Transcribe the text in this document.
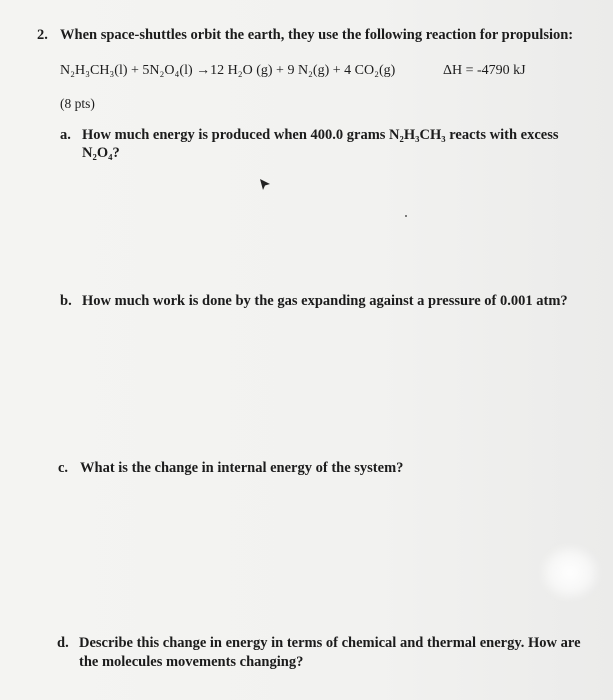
2. When space-shuttles orbit the earth, they use the following reaction for propulsion:
N₂H₃CH₃(l) + 5N₂O₄(l) →12 H₂O (g) + 9 N₂(g) + 4 CO₂(g)	ΔH = -4790 kJ
(8 pts)
a. How much energy is produced when 400.0 grams N₂H₃CH₃ reacts with excess
N₂O₄?
b. How much work is done by the gas expanding against a pressure of 0.001 atm?
c. What is the change in internal energy of the system?
d. Describe this change in energy in terms of chemical and thermal energy. How are
the molecules movements changing?
